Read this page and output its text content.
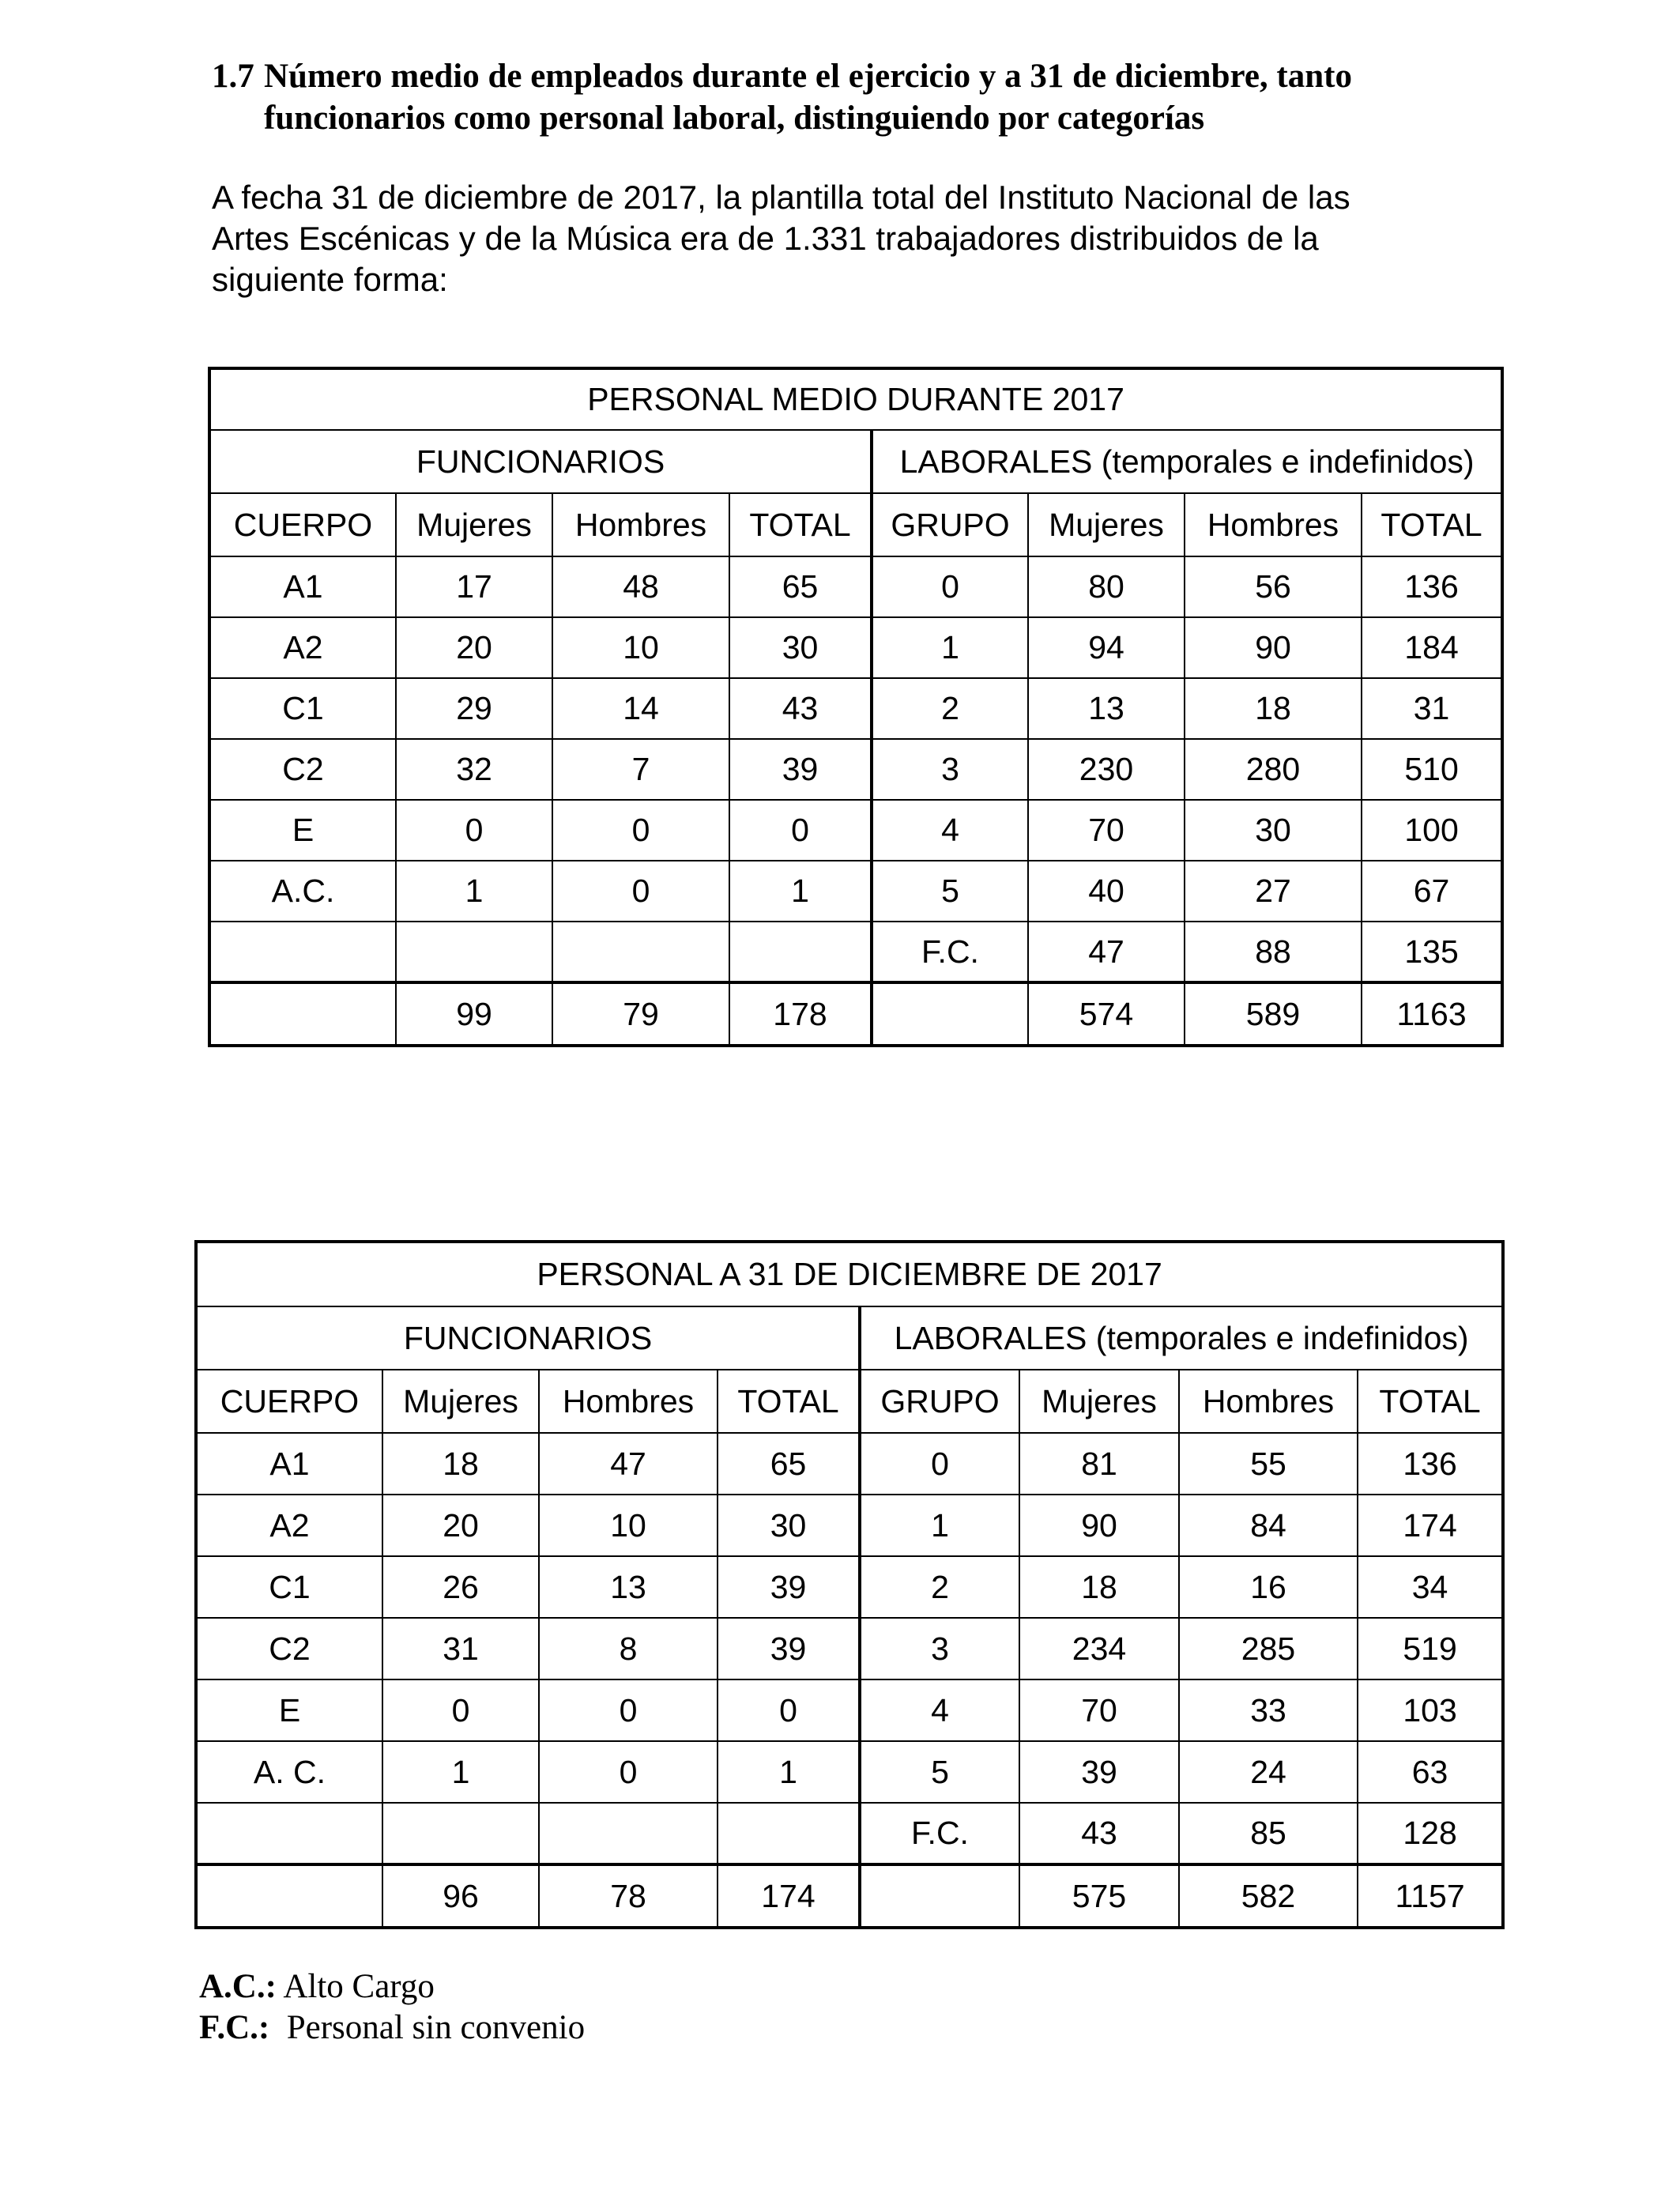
1.7 Número medio de empleados durante el ejercicio y a 31 de diciembre, tanto
funcionarios como personal laboral, distinguiendo por categorías
A fecha 31 de diciembre de 2017, la plantilla total del Instituto Nacional de las
Artes Escénicas y de la Música era de 1.331 trabajadores distribuidos de la
siguiente forma:
PERSONAL MEDIO DURANTE 2017							
FUNCIONARIOS				LABORALES (temporales e indefinidos)			
CUERPO	Mujeres	Hombres	TOTAL	GRUPO	Mujeres	Hombres	TOTAL
A1	17	48	65	0	80	56	136
A2	20	10	30	1	94	90	184
C1	29	14	43	2	13	18	31
C2	32	7	39	3	230	280	510
E	0	0	0	4	70	30	100
A.C.	1	0	1	5	40	27	67
				F.C.	47	88	135
	99	79	178		574	589	1163
PERSONAL A 31 DE DICIEMBRE DE 2017							
FUNCIONARIOS				LABORALES (temporales e indefinidos)			
CUERPO	Mujeres	Hombres	TOTAL	GRUPO	Mujeres	Hombres	TOTAL
A1	18	47	65	0	81	55	136
A2	20	10	30	1	90	84	174
C1	26	13	39	2	18	16	34
C2	31	8	39	3	234	285	519
E	0	0	0	4	70	33	103
A. C.	1	0	1	5	39	24	63
				F.C.	43	85	128
	96	78	174		575	582	1157
A.C.: Alto Cargo
F.C.: Personal sin convenio
